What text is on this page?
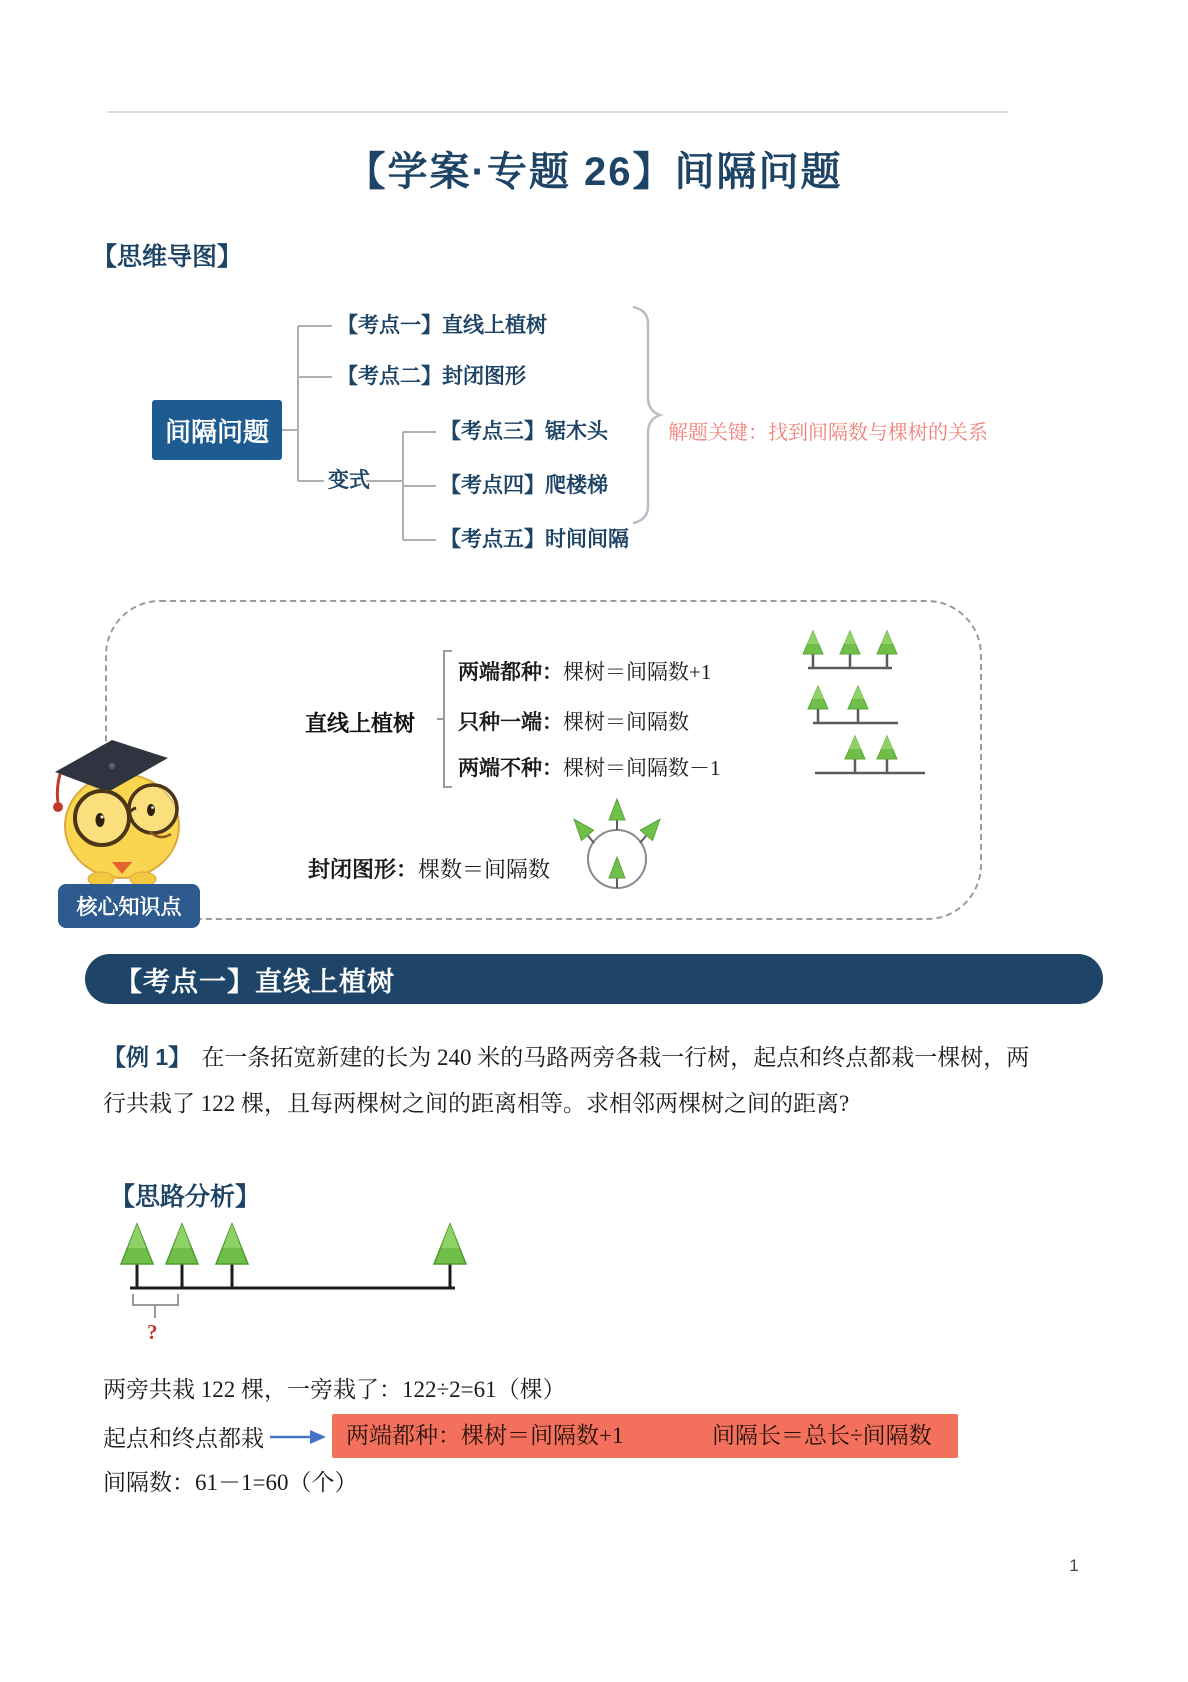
【学案·专题 26】间隔问题
【思维导图】
间隔问题
【考点一】直线上植树
【考点二】封闭图形
变式
【考点三】锯木头
【考点四】爬楼梯
【考点五】时间间隔
解题关键：找到间隔数与棵树的关系
直线上植树
两端都种：棵树＝间隔数+1
只种一端：棵树＝间隔数
两端不种：棵树＝间隔数－1
封闭图形：棵数＝间隔数
核心知识点
【考点一】直线上植树
【例 1】 在一条拓宽新建的长为 240 米的马路两旁各栽一行树，起点和终点都栽一棵树，两
行共栽了 122 棵，且每两棵树之间的距离相等。求相邻两棵树之间的距离?
【思路分析】
?
两旁共栽 122 棵，一旁栽了：122÷2=61（棵）
起点和终点都栽	两端都种：棵树＝间隔数+1	间隔长＝总长÷间隔数
间隔数：61－1=60（个）
1
